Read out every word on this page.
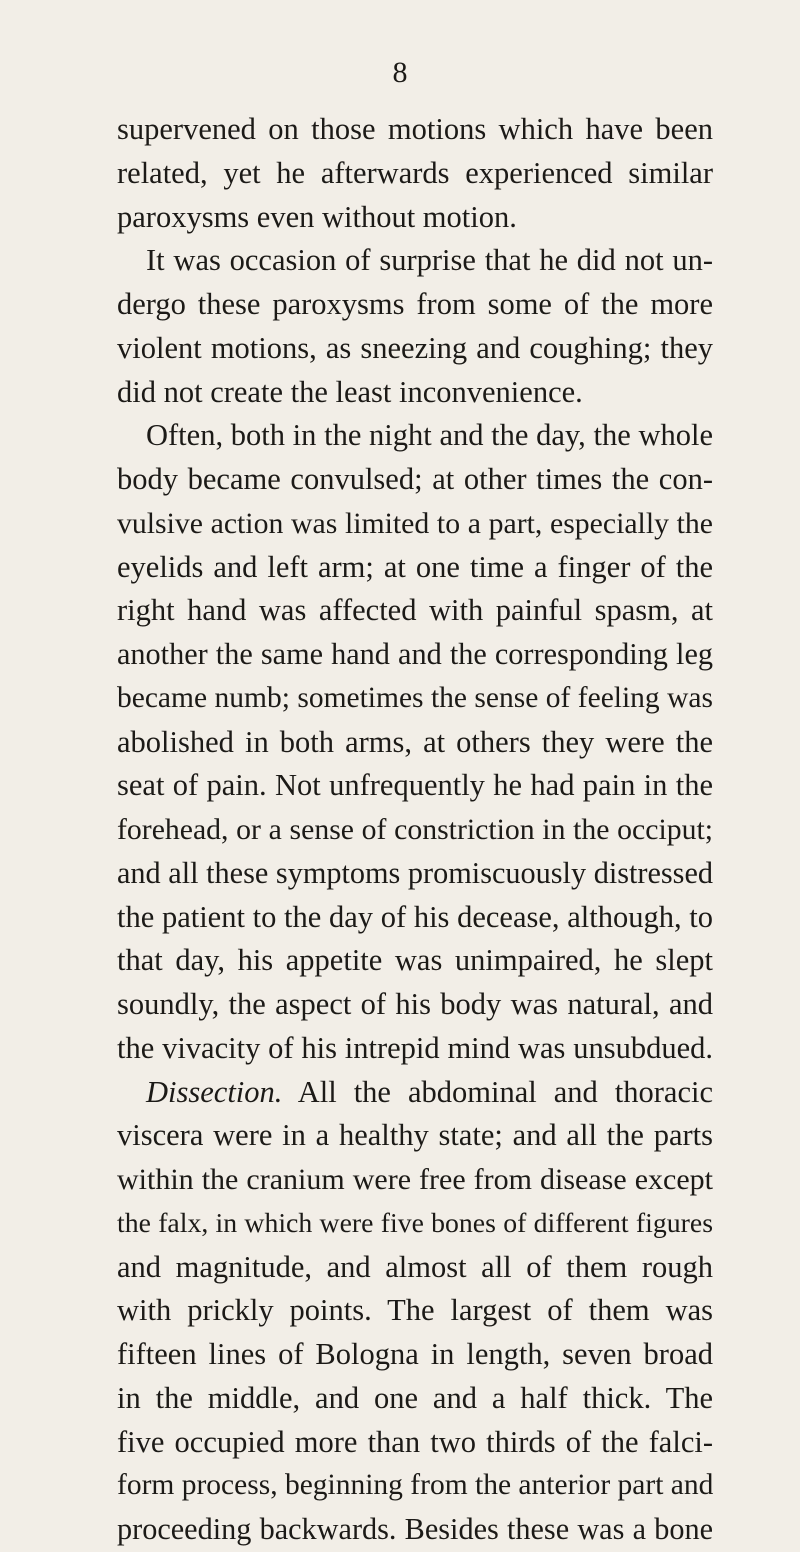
8
supervened on those motions which have been
related, yet he afterwards experienced similar
paroxysms even without motion.
It was occasion of surprise that he did not un-
dergo these paroxysms from some of the more
violent motions, as sneezing and coughing; they
did not create the least inconvenience.
Often, both in the night and the day, the whole
body became convulsed; at other times the con-
vulsive action was limited to a part, especially the
eyelids and left arm; at one time a finger of the
right hand was affected with painful spasm, at
another the same hand and the corresponding leg
became numb; sometimes the sense of feeling was
abolished in both arms, at others they were the
seat of pain. Not unfrequently he had pain in the
forehead, or a sense of constriction in the occiput;
and all these symptoms promiscuously distressed
the patient to the day of his decease, although, to
that day, his appetite was unimpaired, he slept
soundly, the aspect of his body was natural, and
the vivacity of his intrepid mind was unsubdued.
Dissection. All the abdominal and thoracic
viscera were in a healthy state; and all the parts
within the cranium were free from disease except
the falx, in which were five bones of different figures
and magnitude, and almost all of them rough
with prickly points. The largest of them was
fifteen lines of Bologna in length, seven broad
in the middle, and one and a half thick. The
five occupied more than two thirds of the falci-
form process, beginning from the anterior part and
proceeding backwards. Besides these was a bone
